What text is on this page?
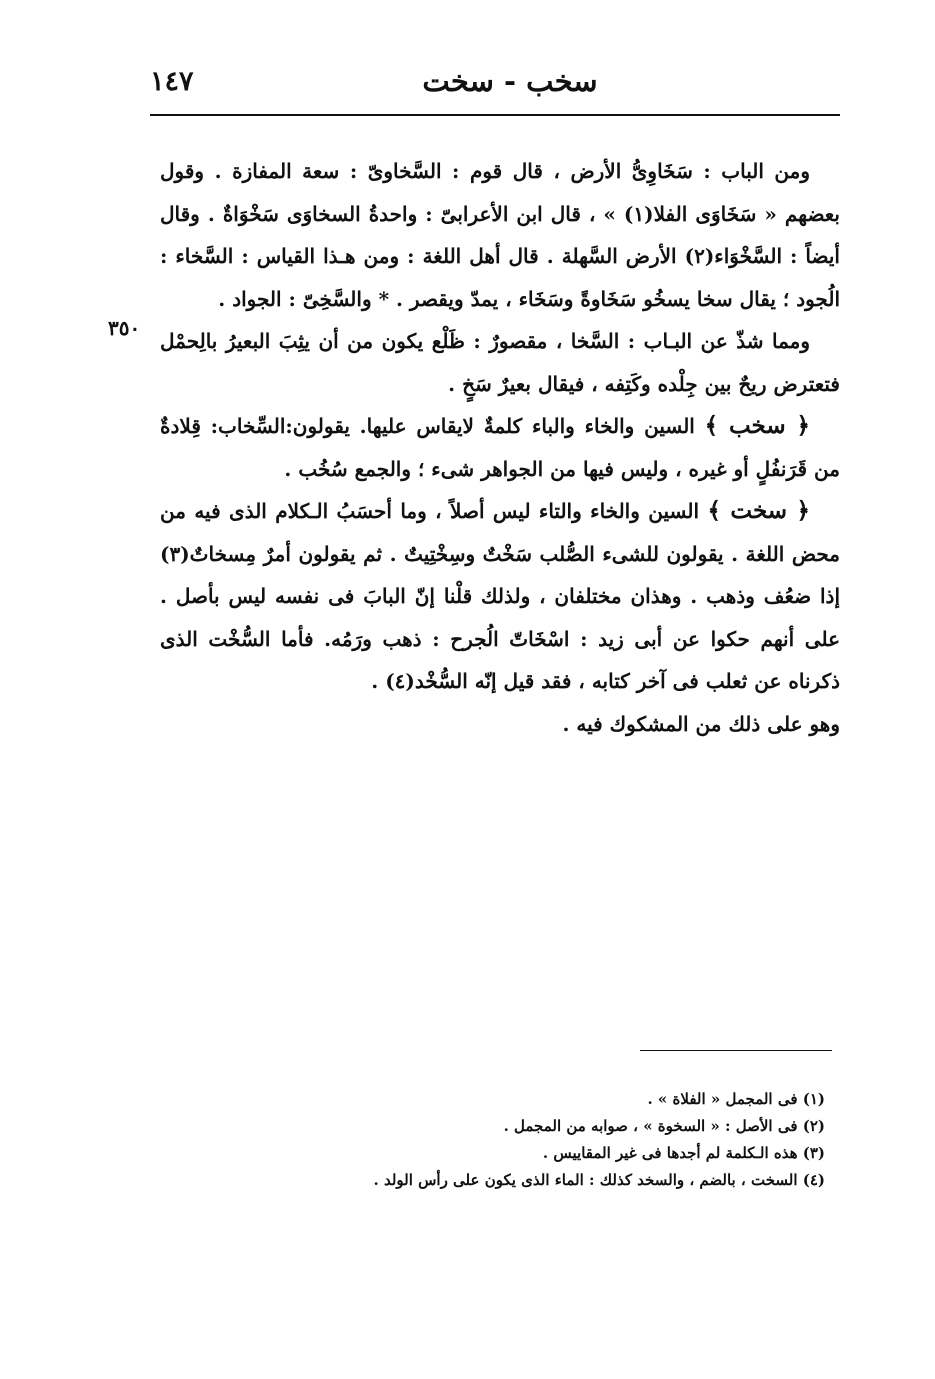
١٤٧	سخب - سخت
٣٥٠

ومن الباب : سَخَاوِىُّ الأرض ، قال قوم : السَّخاوىّ : سعة المفازة . وقول بعضهم « سَخَاوَى الفلا(١) » ، قال ابن الأعرابىّ : واحدةُ السخاوَى سَخْوَاةٌ . وقال أيضاً : السَّخْوَاء(٢) الأرض السَّهلة . قال أهل اللغة : ومن هـذا القياس : السَّخاء : الُجود ؛ يقال سخا يسخُو سَخَاوةً وسَخَاء ، يمدّ ويقصر . * والسَّخِىّ : الجواد .

ومما شذّ عن البـاب : السَّخا ، مقصورٌ : ظَلْع يكون من أن يثِبَ البعيرُ بالِحمْل فتعترض ريحٌ بين جِلْده وكَتِفه ، فيقال بعيرٌ سَخٍ .

﴿ سخب ﴾ السين والخاء والباء كلمةٌ لايقاس عليها. يقولون:السِّخاب: قِلادةٌ من قَرَنفُلٍ أو غيره ، وليس فيها من الجواهر شىء ؛ والجمع سُخُب .

﴿ سخت ﴾ السين والخاء والتاء ليس أصلاً ، وما أحسَبُ الـكلام الذى فيه من محض اللغة . يقولون للشىء الصُّلب سَخْتٌ وسِخْتِيتٌ . ثم يقولون أمرٌ مِسخاتٌ(٣) إذا ضعُف وذهب . وهذان مختلفان ، ولذلك قلْنا إنّ البابَ فى نفسه ليس بأصل . على أنهم حكوا عن أبى زيد : اسْخَاتّ الُجرح : ذهب ورَمُه. فأما السُّخْت الذى ذكرناه عن ثعلب فى آخر كتابه ، فقد قيل إنّه السُّخْد(٤) .

وهو على ذلك من المشكوك فيه .

(١) فى المجمل « الفلاة » .

(٢) فى الأصل : « السخوة » ، صوابه من المجمل .

(٣) هذه الـكلمة لم أجدها فى غير المقاييس .

(٤) السخت ، بالضم ، والسخد كذلك : الماء الذى يكون على رأس الولد .
